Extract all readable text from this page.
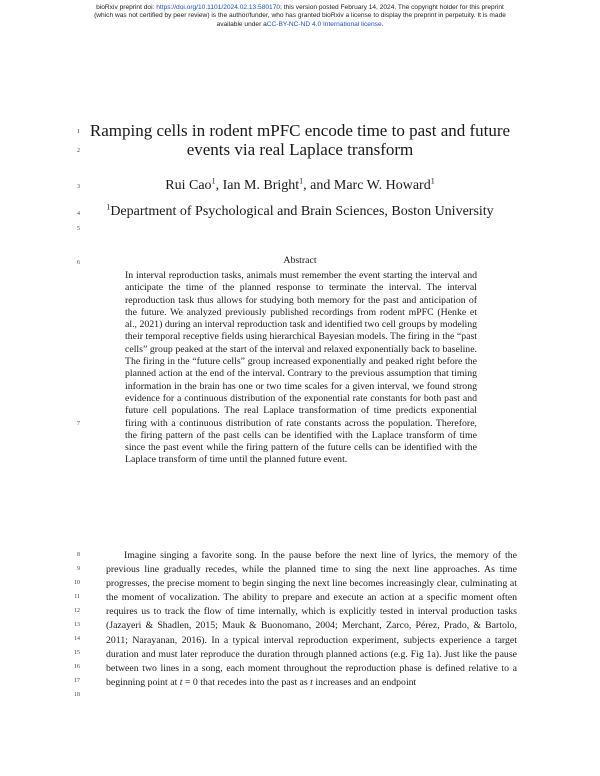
bioRxiv preprint doi: https://doi.org/10.1101/2024.02.13.580170; this version posted February 14, 2024. The copyright holder for this preprint
(which was not certified by peer review) is the author/funder, who has granted bioRxiv a license to display the preprint in perpetuity. It is made
available under aCC-BY-NC-ND 4.0 International license.
1
2
3
4
5
6
7
8
9
10
11
12
13
14
15
16
17
18
Ramping cells in rodent mPFC encode time to past and future events via real Laplace transform
Rui Cao$^1$, Ian M. Bright$^1$, and Marc W. Howard$^1$
$^1$Department of Psychological and Brain Sciences, Boston University
Abstract
In interval reproduction tasks, animals must remember the event starting the interval and anticipate the time of the planned response to terminate the interval. The interval reproduction task thus allows for studying both memory for the past and anticipation of the future. We analyzed previously published recordings from rodent mPFC (Henke et al., 2021) during an interval reproduction task and identified two cell groups by modeling their temporal receptive fields using hierarchical Bayesian models. The firing in the “past cells” group peaked at the start of the interval and relaxed exponentially back to baseline. The firing in the “future cells” group increased exponentially and peaked right before the planned action at the end of the interval. Contrary to the previous assumption that timing information in the brain has one or two time scales for a given interval, we found strong evidence for a continuous distribution of the exponential rate constants for both past and future cell populations. The real Laplace transformation of time predicts exponential firing with a continuous distribution of rate constants across the population. Therefore, the firing pattern of the past cells can be identified with the Laplace transform of time since the past event while the firing pattern of the future cells can be identified with the Laplace transform of time until the planned future event.
Imagine singing a favorite song. In the pause before the next line of lyrics, the memory of the previous line gradually recedes, while the planned time to sing the next line approaches. As time progresses, the precise moment to begin singing the next line becomes increasingly clear, culminating at the moment of vocalization. The ability to prepare and execute an action at a specific moment often requires us to track the flow of time internally, which is explicitly tested in interval production tasks (Jazayeri & Shadlen, 2015; Mauk & Buonomano, 2004; Merchant, Zarco, Pérez, Prado, & Bartolo, 2011; Narayanan, 2016). In a typical interval reproduction experiment, subjects experience a target duration and must later reproduce the duration through planned actions (e.g. Fig 1a). Just like the pause between two lines in a song, each moment throughout the reproduction phase is defined relative to a beginning point at t = 0 that recedes into the past as t increases and an endpoint
